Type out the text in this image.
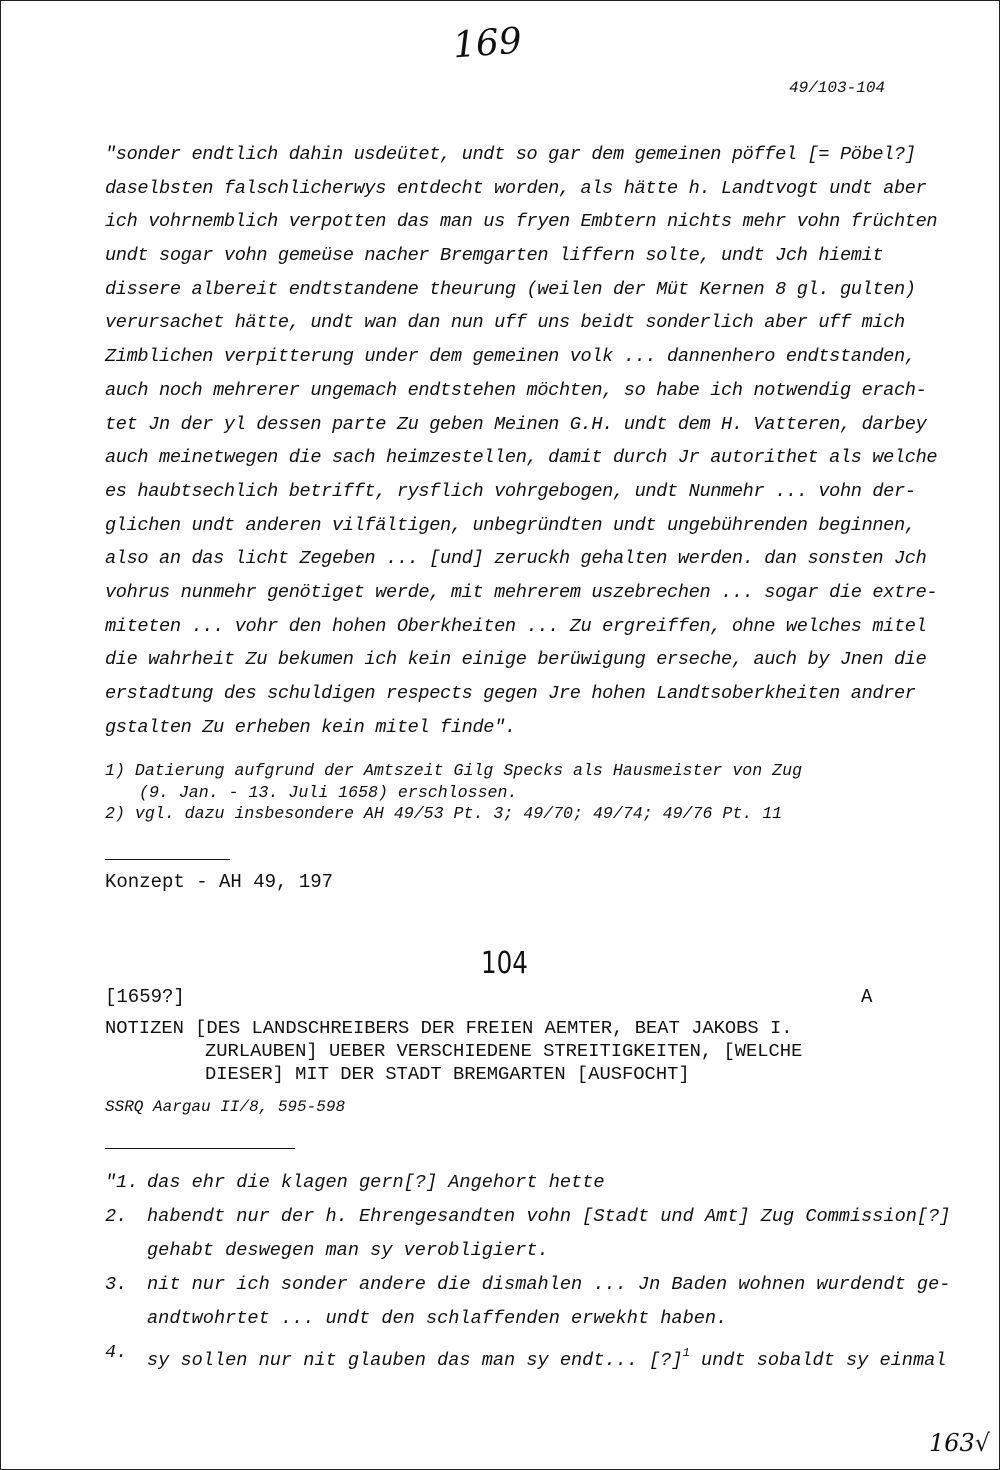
169
49/103-104
"sonder endtlich dahin usdeütet, undt so gar dem gemeinen pöffel [= Pöbel?]
daselbsten falschlicherwys entdecht worden, als hätte h. Landtvogt undt aber
ich vohrnemblich verpotten das man us fryen Embtern nichts mehr vohn früchten
undt sogar vohn gemeüse nacher Bremgarten liffern solte, undt Jch hiemit
dissere albereit endtstandene theurung (weilen der Müt Kernen 8 gl. gulten)
verursachet hätte, undt wan dan nun uff uns beidt sonderlich aber uff mich
Zimblichen verpitterung under dem gemeinen volk ... dannenhero endtstanden,
auch noch mehrerer ungemach endtstehen möchten, so habe ich notwendig erach-
tet Jn der yl dessen parte Zu geben Meinen G.H. undt dem H. Vatteren, darbey
auch meinetwegen die sach heimzestellen, damit durch Jr autorithet als welche
es haubtsechlich betrifft, rysflich vohrgebogen, undt Nunmehr ... vohn der-
glichen undt anderen vilfältigen, unbegründten undt ungebührenden beginnen,
also an das licht Zegeben ... [und] zeruckh gehalten werden. dan sonsten Jch
vohrus nunmehr genötiget werde, mit mehrerem uszebrechen ... sogar die extre-
miteten ... vohr den hohen Oberkheiten ... Zu ergreiffen, ohne welches mitel
die wahrheit Zu bekumen ich kein einige berüwigung erseche, auch by Jnen die
erstadtung des schuldigen respects gegen Jre hohen Landtsoberkheiten andrer
gstalten Zu erheben kein mitel finde".
1) Datierung aufgrund der Amtszeit Gilg Specks als Hausmeister von Zug
(9. Jan. - 13. Juli 1658) erschlossen.
2) vgl. dazu insbesondere AH 49/53 Pt. 3; 49/70; 49/74; 49/76 Pt. 11
Konzept - AH 49, 197
104
[1659?]	A
NOTIZEN [DES LANDSCHREIBERS DER FREIEN AEMTER, BEAT JAKOBS I.
ZURLAUBEN] UEBER VERSCHIEDENE STREITIGKEITEN, [WELCHE
DIESER] MIT DER STADT BREMGARTEN [AUSFOCHT]
SSRQ Aargau II/8, 595-598
"1. das ehr die klagen gern[?] Angehort hette
2.	habendt nur der h. Ehrengesandten vohn [Stadt und Amt] Zug Commission[?]
gehabt deswegen man sy verobligiert.
3.	nit nur ich sonder andere die dismahlen ... Jn Baden wohnen wurdendt ge-
andtwohrtet ... undt den schlaffenden erwekht haben.
4.	sy sollen nur nit glauben das man sy endt... [?]$^1$ undt sobaldt sy einmal
163√
